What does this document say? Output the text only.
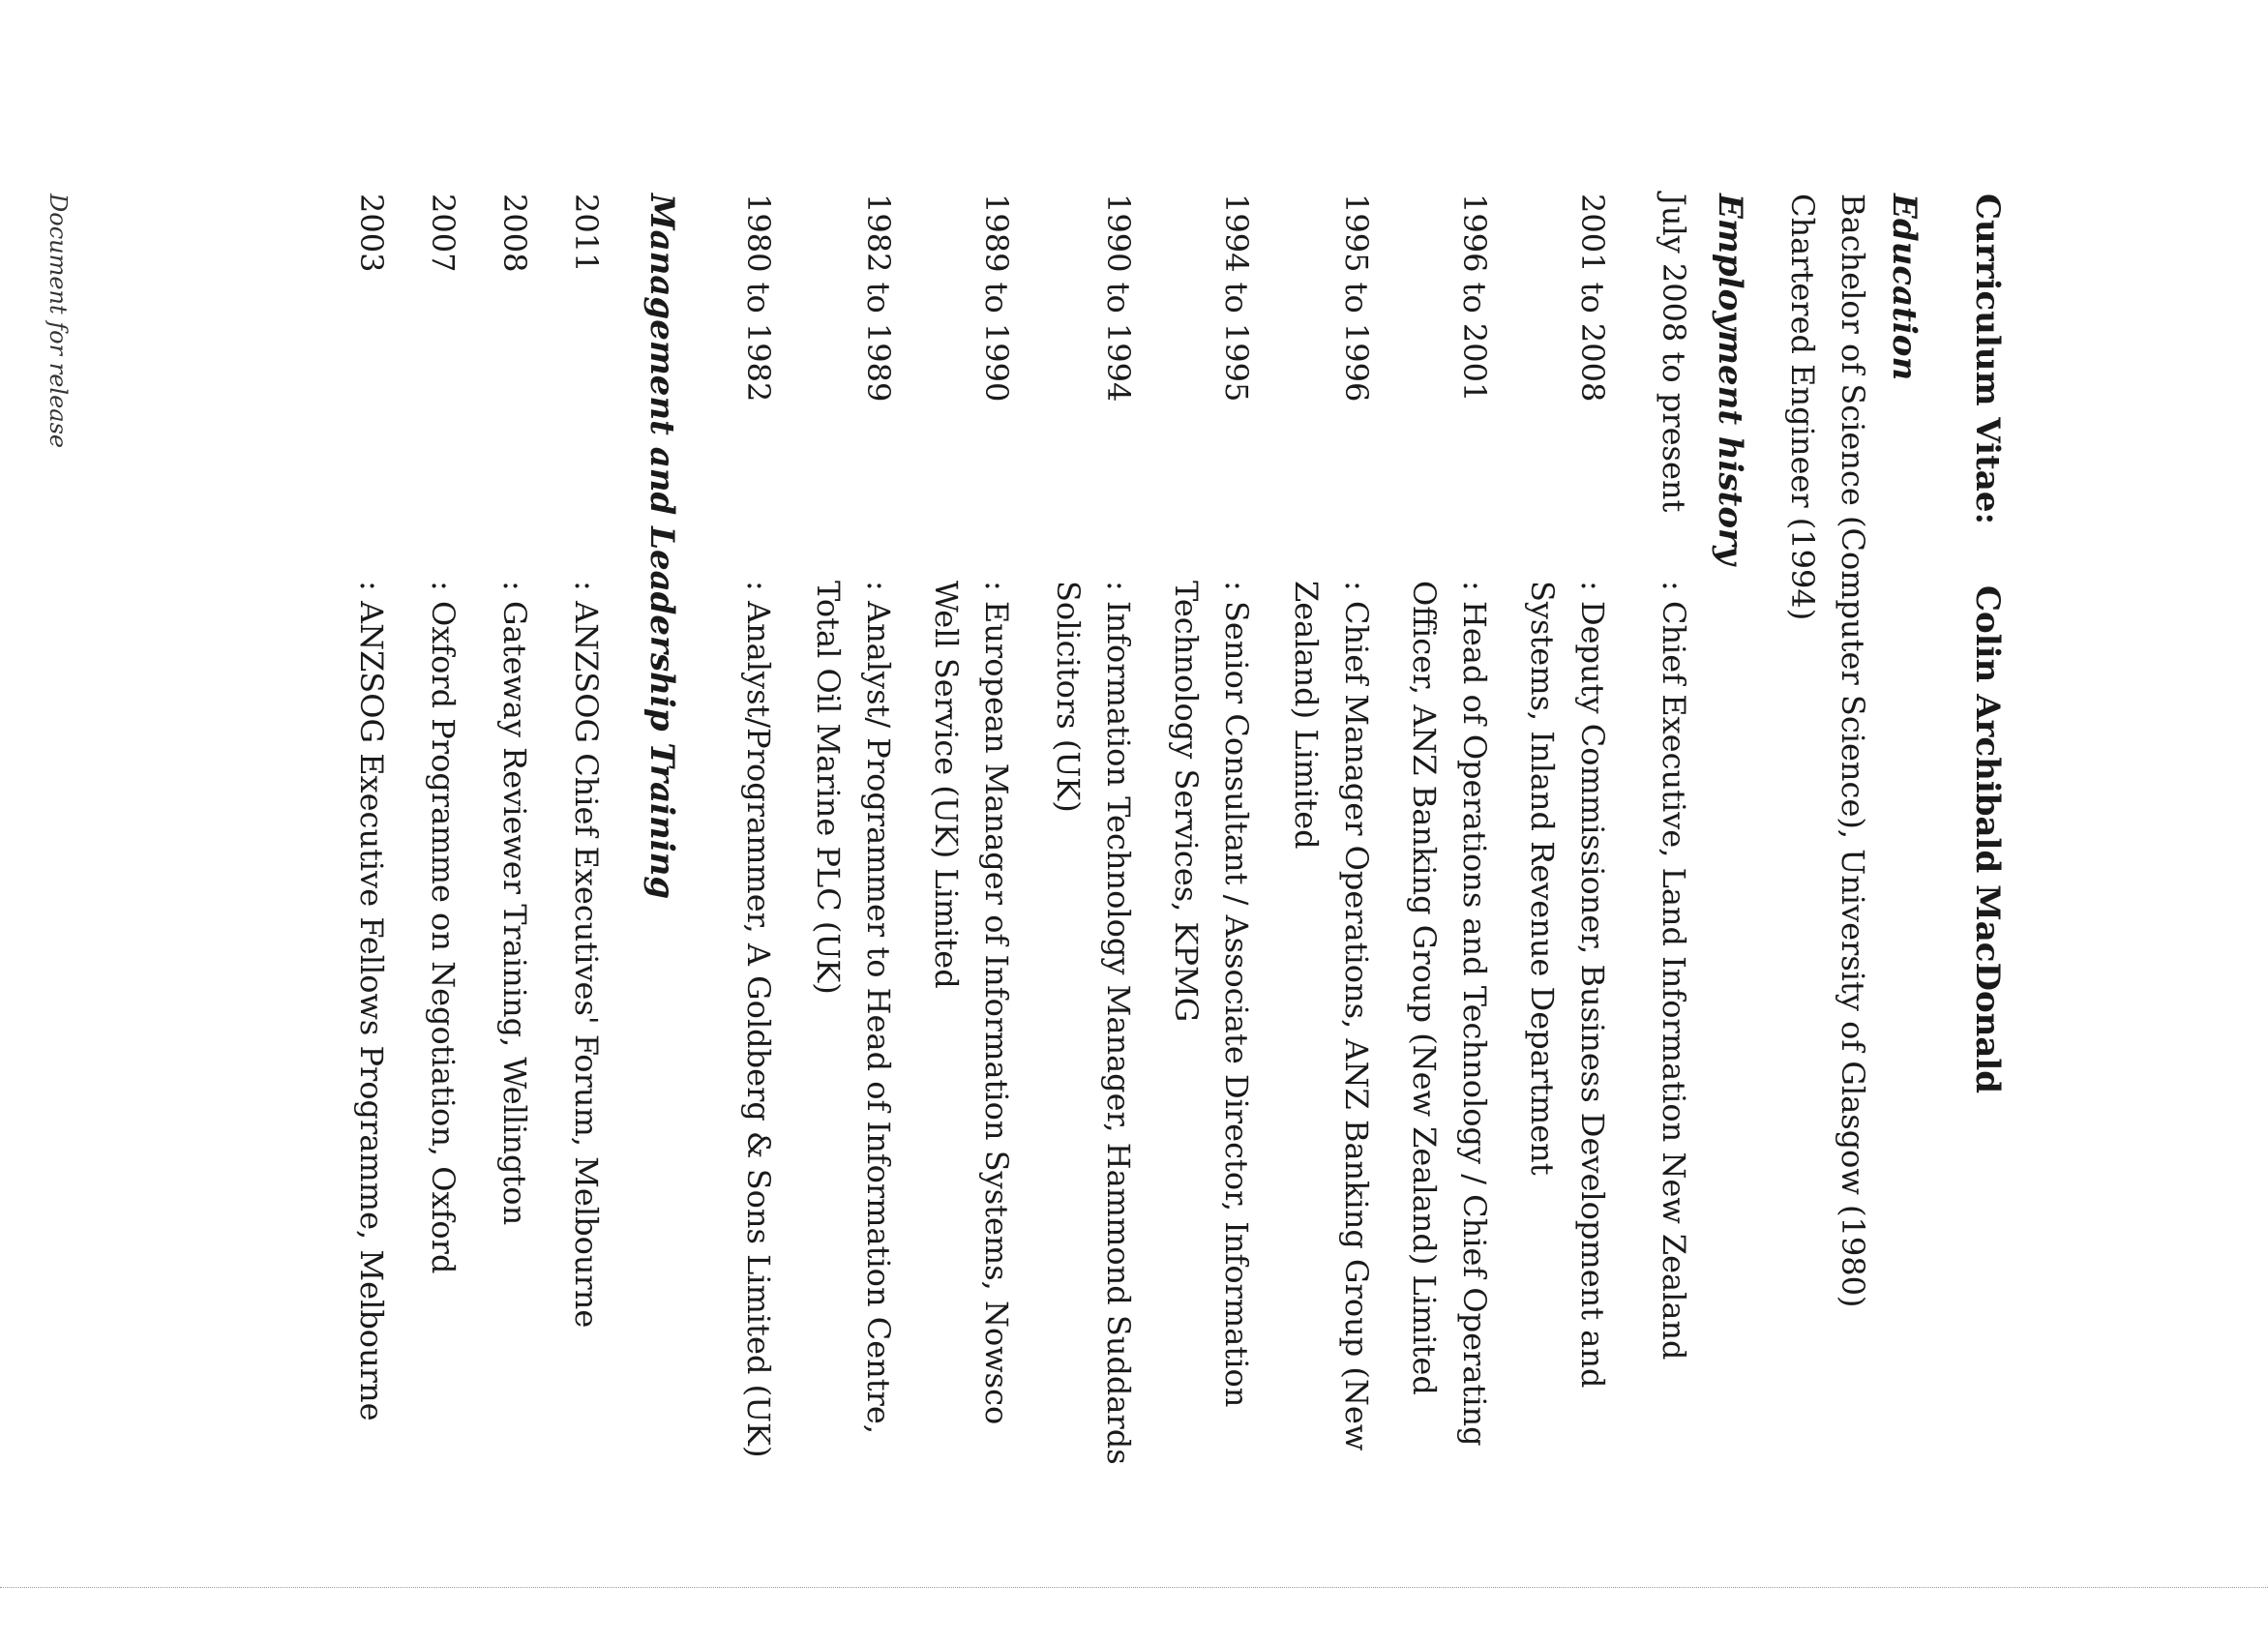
Curriculum Vitae:Colin Archibald MacDonald
Education
Bachelor of Science (Computer Science), University of Glasgow (1980)
Chartered Engineer (1994)
Employment history
July 2008 to present
: Chief Executive, Land Information New Zealand
2001 to 2008
: Deputy Commissioner, Business Development and Systems, Inland Revenue Department
1996 to 2001
: Head of Operations and Technology / Chief Operating Officer, ANZ Banking Group (New Zealand) Limited
1995 to 1996
: Chief Manager Operations, ANZ Banking Group (New Zealand) Limited
1994 to 1995
: Senior Consultant / Associate Director, Information Technology Services, KPMG
1990 to 1994
: Information Technology Manager, Hammond Suddards Solicitors (UK)
1989 to 1990
: European Manager of Information Systems, Nowsco Well Service (UK) Limited
1982 to 1989
: Analyst/ Programmer to Head of Information Centre, Total Oil Marine PLC (UK)
1980 to 1982
: Analyst/Programmer, A Goldberg & Sons Limited (UK)
Management and Leadership Training
2011
: ANZSOG Chief Executives' Forum, Melbourne
2008
: Gateway Reviewer Training, Wellington
2007
: Oxford Programme on Negotiation, Oxford
2003
: ANZSOG Executive Fellows Programme, Melbourne
Document for release
